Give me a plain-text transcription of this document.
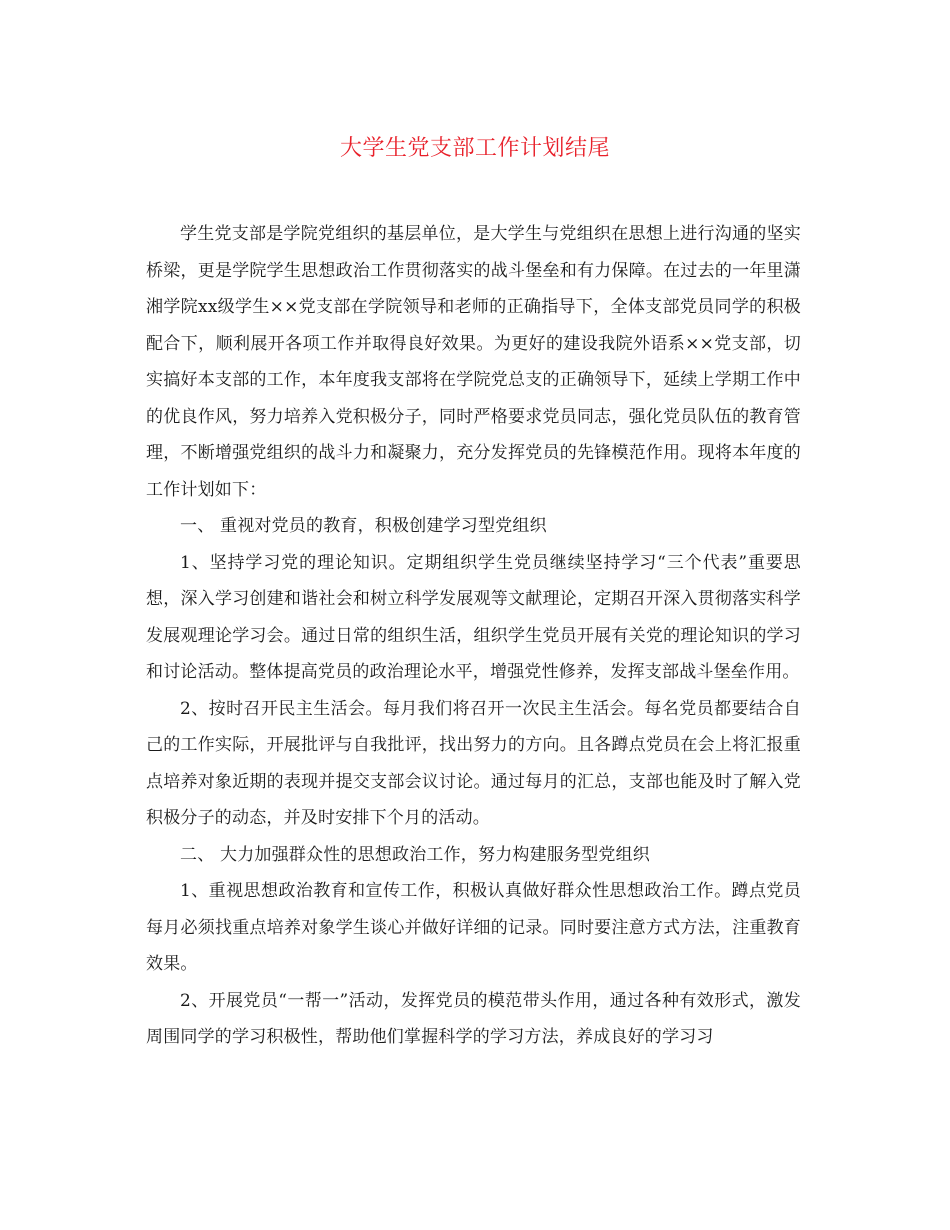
大学生党支部工作计划结尾

学生党支部是学院党组织的基层单位，是大学生与党组织在思想上进行沟通的坚实桥梁，更是学院学生思想政治工作贯彻落实的战斗堡垒和有力保障。在过去的一年里潇湘学院xx级学生××党支部在学院领导和老师的正确指导下，全体支部党员同学的积极配合下，顺利展开各项工作并取得良好效果。为更好的建设我院外语系××党支部，切实搞好本支部的工作，本年度我支部将在学院党总支的正确领导下，延续上学期工作中的优良作风，努力培养入党积极分子，同时严格要求党员同志，强化党员队伍的教育管理，不断增强党组织的战斗力和凝聚力，充分发挥党员的先锋模范作用。现将本年度的工作计划如下：

一、 重视对党员的教育，积极创建学习型党组织

1、坚持学习党的理论知识。定期组织学生党员继续坚持学习“三个代表”重要思想，深入学习创建和谐社会和树立科学发展观等文献理论，定期召开深入贯彻落实科学发展观理论学习会。通过日常的组织生活，组织学生党员开展有关党的理论知识的学习和讨论活动。整体提高党员的政治理论水平，增强党性修养，发挥支部战斗堡垒作用。

2、按时召开民主生活会。每月我们将召开一次民主生活会。每名党员都要结合自己的工作实际，开展批评与自我批评，找出努力的方向。且各蹲点党员在会上将汇报重点培养对象近期的表现并提交支部会议讨论。通过每月的汇总，支部也能及时了解入党积极分子的动态，并及时安排下个月的活动。

二、 大力加强群众性的思想政治工作，努力构建服务型党组织

1、重视思想政治教育和宣传工作，积极认真做好群众性思想政治工作。蹲点党员每月必须找重点培养对象学生谈心并做好详细的记录。同时要注意方式方法，注重教育效果。

2、开展党员“一帮一”活动，发挥党员的模范带头作用，通过各种有效形式，激发周围同学的学习积极性，帮助他们掌握科学的学习方法，养成良好的学习习
